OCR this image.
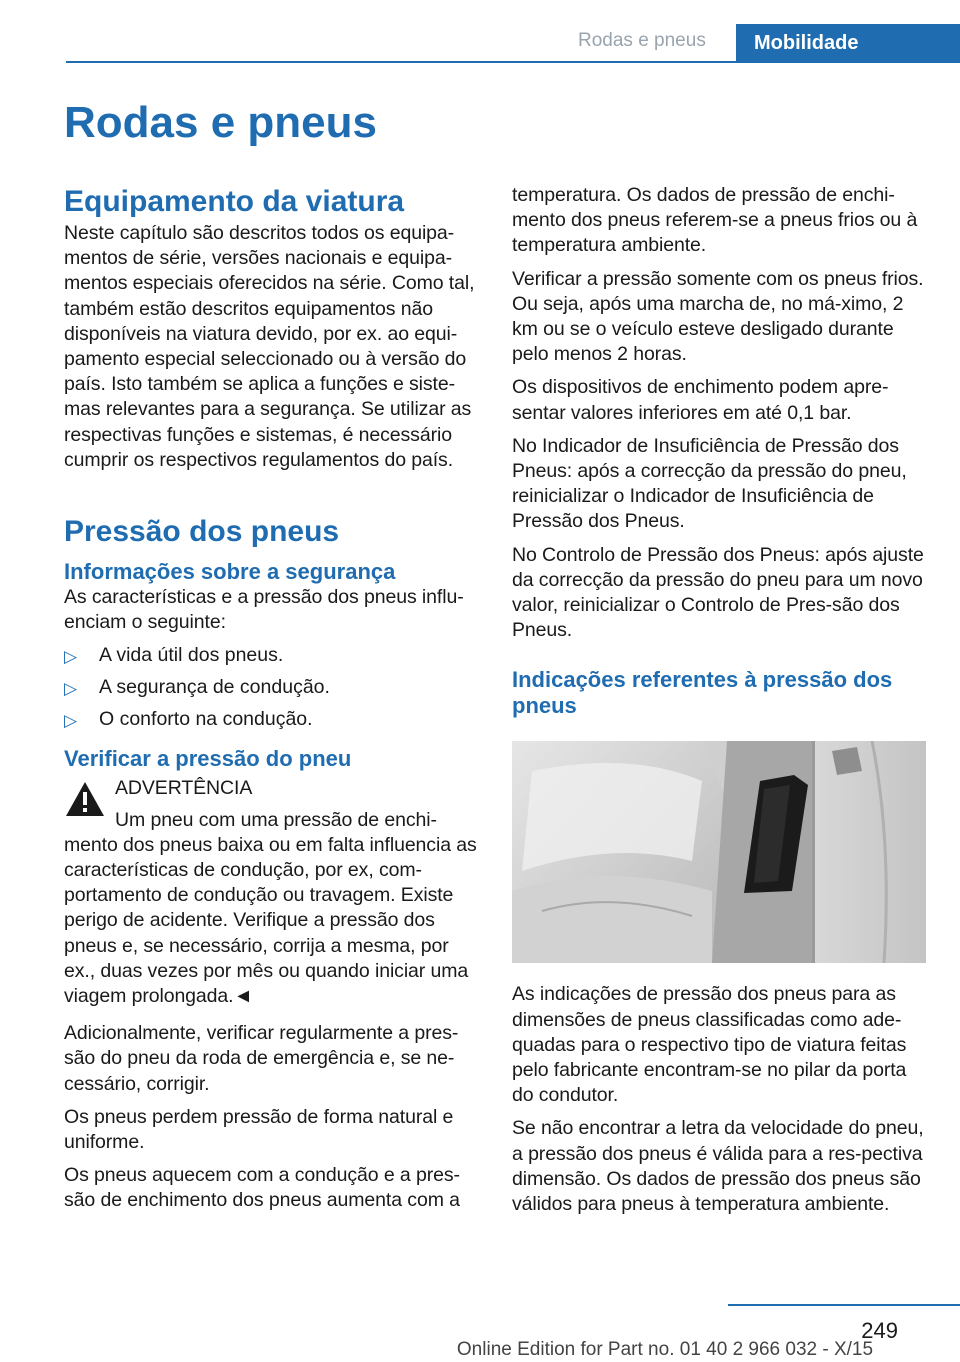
Rodas e pneus	Mobilidade
Rodas e pneus
Equipamento da viatura

Neste capítulo são descritos todos os equipa-mentos de série, versões nacionais e equipa-mentos especiais oferecidos na série. Como tal, também estão descritos equipamentos não disponíveis na viatura devido, por ex. ao equi-pamento especial seleccionado ou à versão do país. Isto também se aplica a funções e siste-mas relevantes para a segurança. Se utilizar as respectivas funções e sistemas, é necessário cumprir os respectivos regulamentos do país.

Pressão dos pneus
Informações sobre a segurança

As características e a pressão dos pneus influ-enciam o seguinte:

▷ A vida útil dos pneus.
▷ A segurança de condução.
▷ O conforto na condução.
Verificar a pressão do pneu

ADVERTÊNCIA

Um pneu com uma pressão de enchi-

mento dos pneus baixa ou em falta influencia as características de condução, por ex, com-portamento de condução ou travagem. Existe perigo de acidente. Verifique a pressão dos pneus e, se necessário, corrija a mesma, por ex., duas vezes por mês ou quando iniciar uma viagem prolongada.◄

Adicionalmente, verificar regularmente a pres-são do pneu da roda de emergência e, se ne-cessário, corrigir.

Os pneus perdem pressão de forma natural e uniforme.

Os pneus aquecem com a condução e a pres-são de enchimento dos pneus aumenta com a

temperatura. Os dados de pressão de enchi-mento dos pneus referem-se a pneus frios ou à temperatura ambiente.

Verificar a pressão somente com os pneus frios. Ou seja, após uma marcha de, no má-ximo, 2 km ou se o veículo esteve desligado durante pelo menos 2 horas.

Os dispositivos de enchimento podem apre-sentar valores inferiores em até 0,1 bar.

No Indicador de Insuficiência de Pressão dos Pneus: após a correcção da pressão do pneu, reinicializar o Indicador de Insuficiência de Pressão dos Pneus.

No Controlo de Pressão dos Pneus: após ajuste da correcção da pressão do pneu para um novo valor, reinicializar o Controlo de Pres-são dos Pneus.

Indicações referentes à pressão dos pneus

As indicações de pressão dos pneus para as dimensões de pneus classificadas como ade-quadas para o respectivo tipo de viatura feitas pelo fabricante encontram-se no pilar da porta do condutor.

Se não encontrar a letra da velocidade do pneu, a pressão dos pneus é válida para a res-pectiva dimensão. Os dados de pressão dos pneus são válidos para pneus à temperatura ambiente.

249
Online Edition for Part no. 01 40 2 966 032 - X/15
